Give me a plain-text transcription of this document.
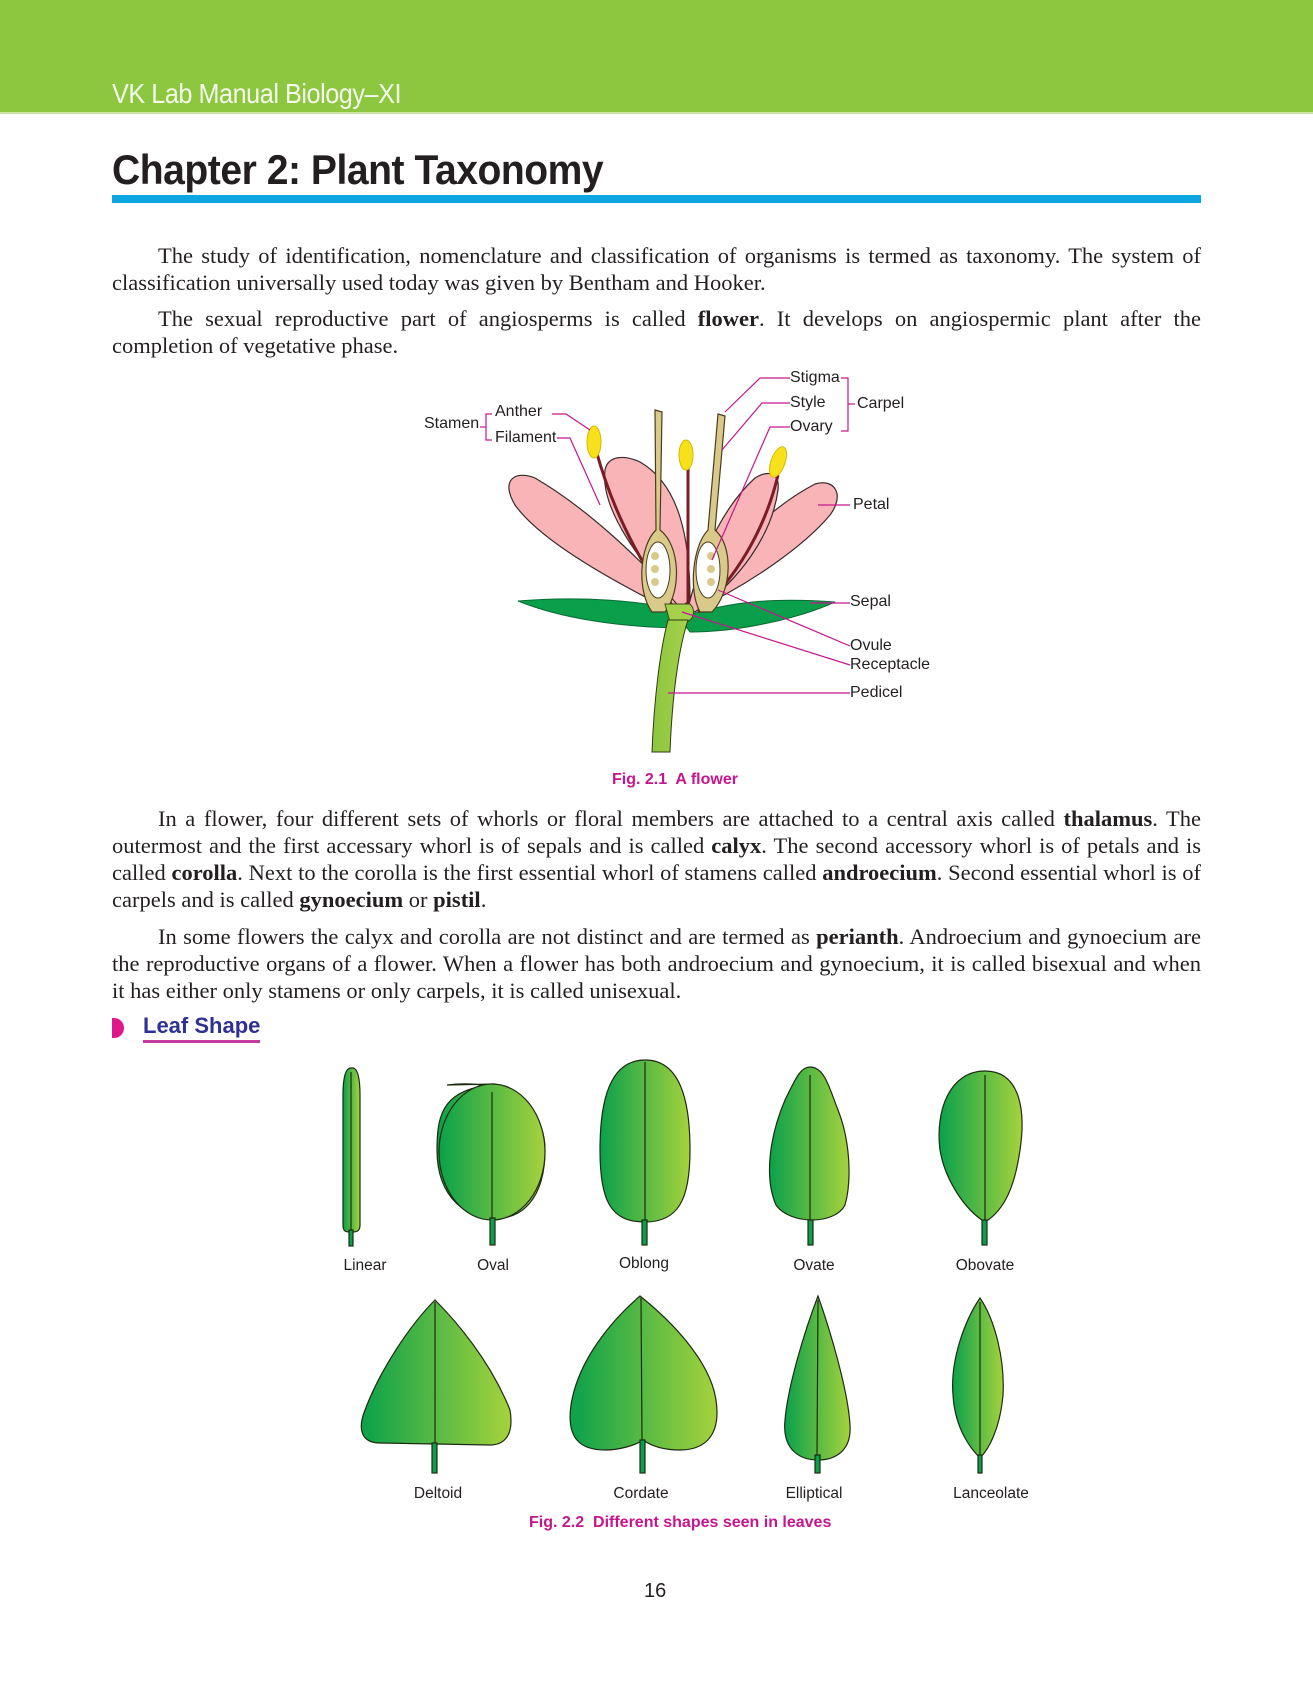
VK Lab Manual Biology–XI
Chapter 2: Plant Taxonomy

The study of identification, nomenclature and classification of organisms is termed as taxonomy. The system of classification universally used today was given by Bentham and Hooker.

The sexual reproductive part of angiosperms is called flower. It develops on angiospermic plant after the completion of vegetative phase.

Stamen
Anther
Filament
Stigma
Style
Ovary
Carpel
Petal
Sepal
Ovule
Receptacle
Pedicel
Fig. 2.1  A flower

In a flower, four different sets of whorls or floral members are attached to a central axis called thalamus. The outermost and the first accessary whorl is of sepals and is called calyx. The second accessory whorl is of petals and is called corolla. Next to the corolla is the first essential whorl of stamens called androecium. Second essential whorl is of carpels and is called gynoecium or pistil.

In some flowers the calyx and corolla are not distinct and are termed as perianth. Androecium and gynoecium are the reproductive organs of a flower. When a flower has both androecium and gynoecium, it is called bisexual and when it has either only stamens or only carpels, it is called unisexual.

Leaf Shape
Linear	Oval	Oblong	Ovate	Obovate
Deltoid	Cordate	Elliptical	Lanceolate
Fig. 2.2  Different shapes seen in leaves
16
